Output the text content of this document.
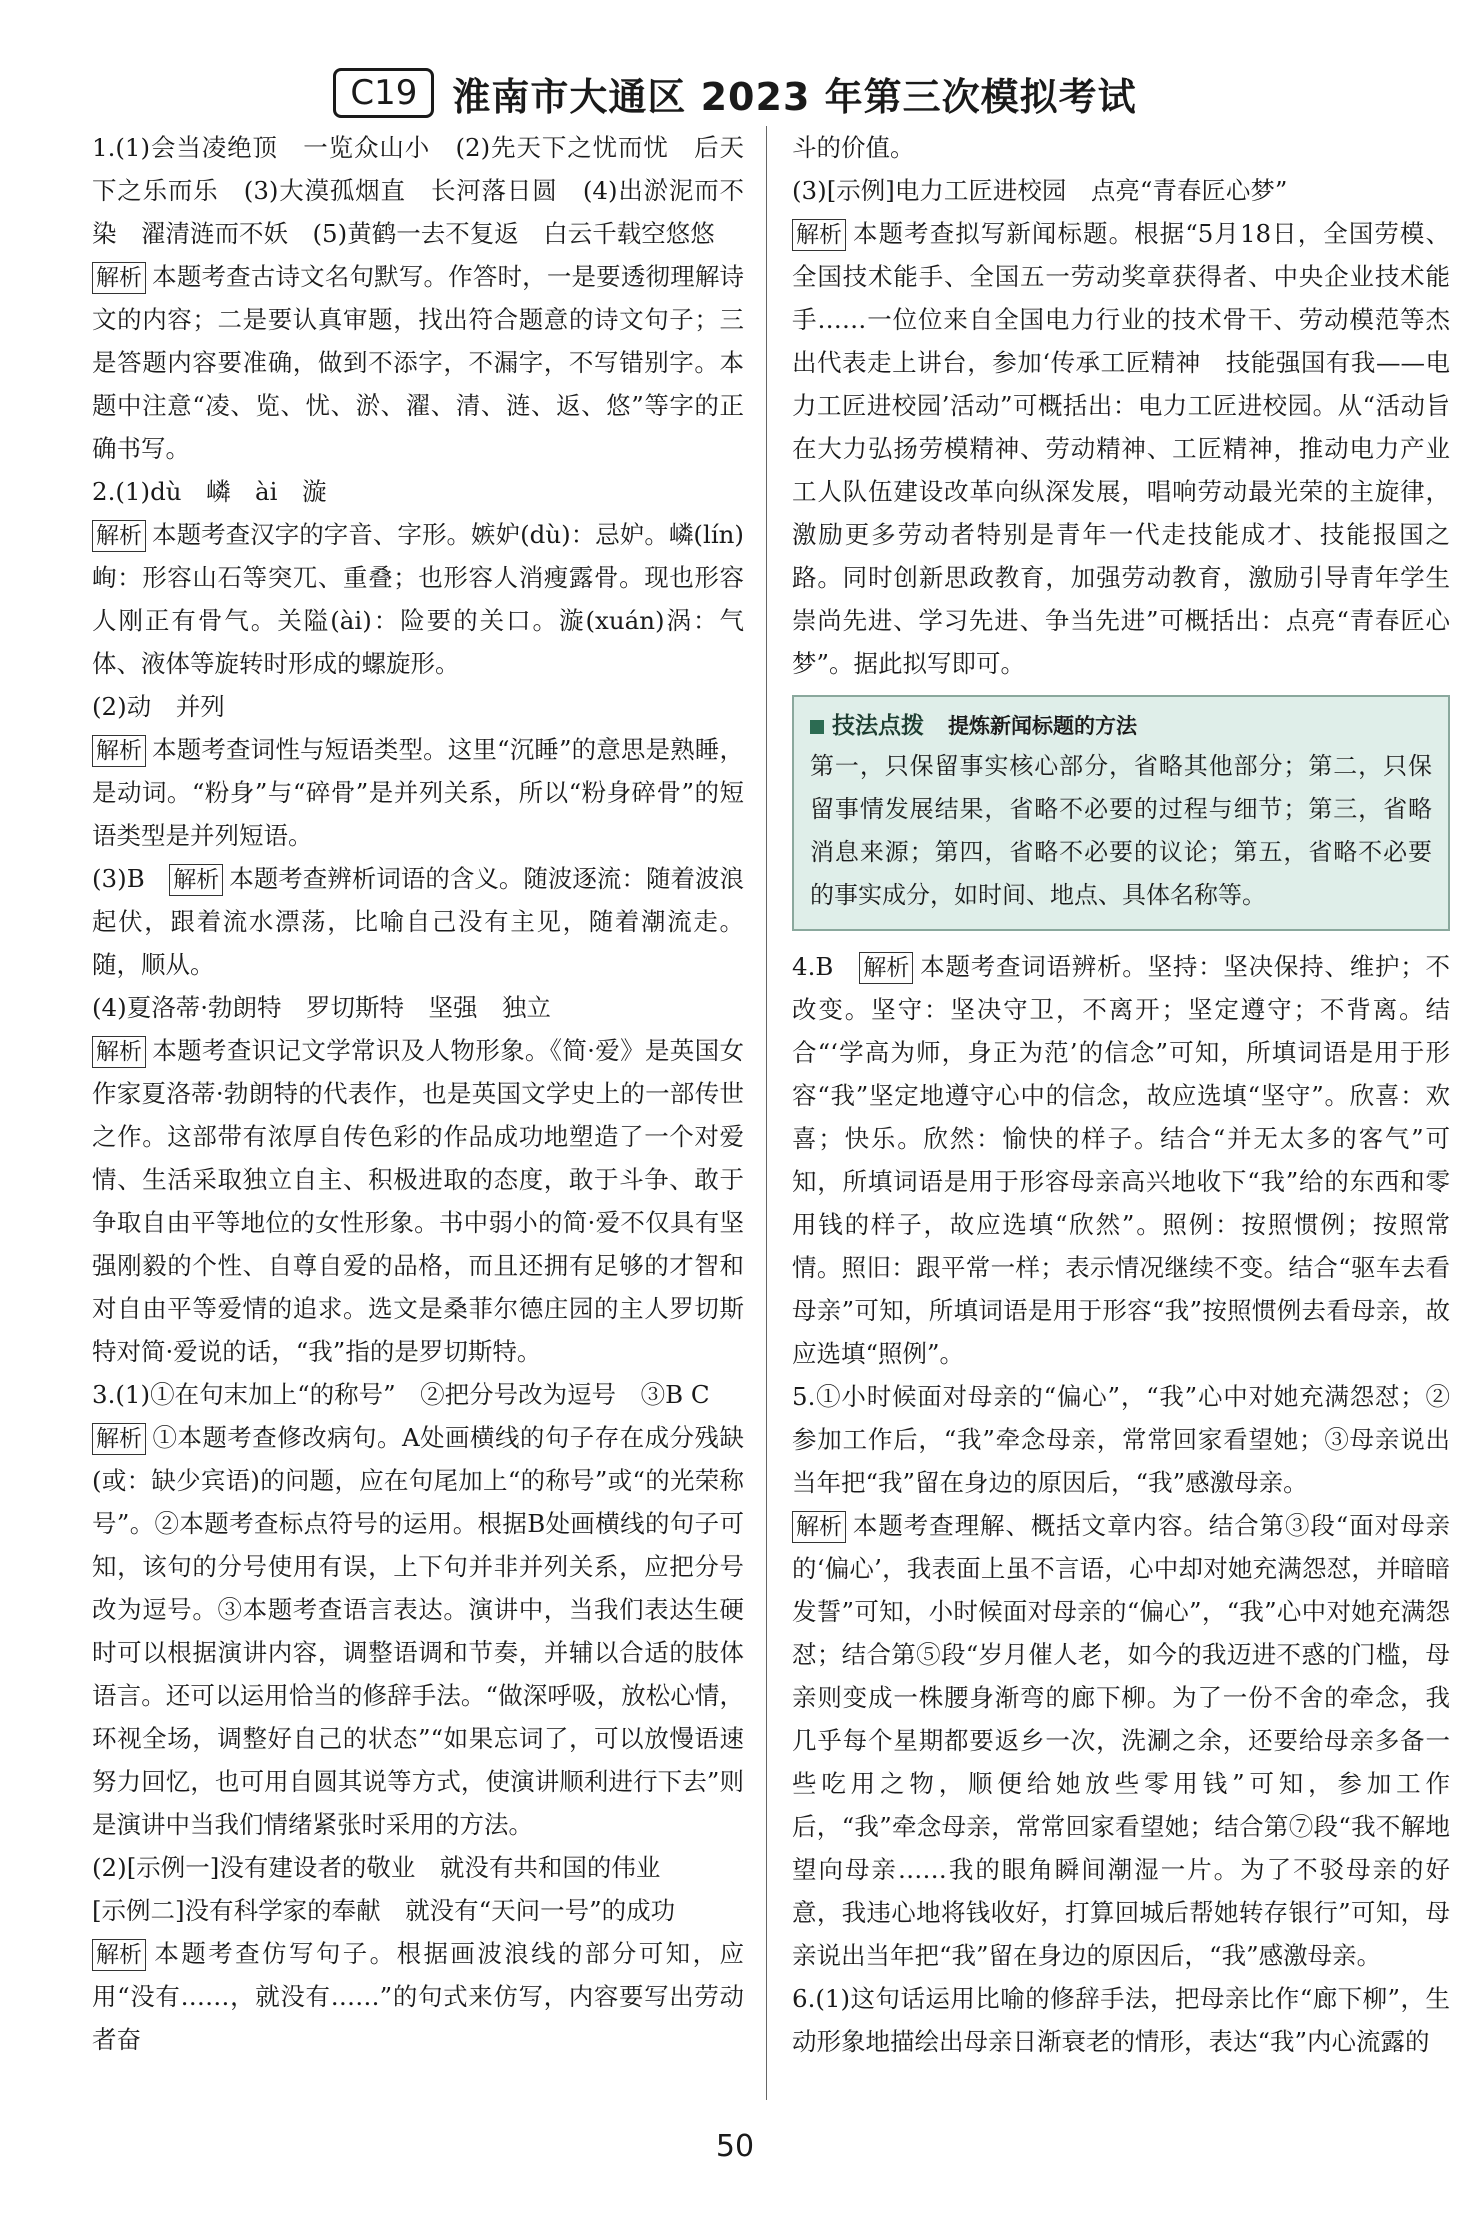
C19 淮南市大通区 2023 年第三次模拟考试

1.(1)会当凌绝顶　一览众山小　(2)先天下之忧而忧　后天下之乐而乐　(3)大漠孤烟直　长河落日圆　(4)出淤泥而不染　濯清涟而不妖　(5)黄鹤一去不复返　白云千载空悠悠

解析 本题考查古诗文名句默写。作答时，一是要透彻理解诗文的内容；二是要认真审题，找出符合题意的诗文句子；三是答题内容要准确，做到不添字，不漏字，不写错别字。本题中注意“凌、览、忧、淤、濯、清、涟、返、悠”等字的正确书写。

2.(1)dù　嶙　ài　漩

解析 本题考查汉字的字音、字形。嫉妒(dù)：忌妒。嶙(lín)峋：形容山石等突兀、重叠；也形容人消瘦露骨。现也形容人刚正有骨气。关隘(ài)：险要的关口。漩(xuán)涡：气体、液体等旋转时形成的螺旋形。

(2)动　并列

解析 本题考查词性与短语类型。这里“沉睡”的意思是熟睡，是动词。“粉身”与“碎骨”是并列关系，所以“粉身碎骨”的短语类型是并列短语。

(3)B　解析 本题考查辨析词语的含义。随波逐流：随着波浪起伏，跟着流水漂荡，比喻自己没有主见，随着潮流走。随，顺从。

(4)夏洛蒂·勃朗特　罗切斯特　坚强　独立

解析 本题考查识记文学常识及人物形象。《简·爱》是英国女作家夏洛蒂·勃朗特的代表作，也是英国文学史上的一部传世之作。这部带有浓厚自传色彩的作品成功地塑造了一个对爱情、生活采取独立自主、积极进取的态度，敢于斗争、敢于争取自由平等地位的女性形象。书中弱小的简·爱不仅具有坚强刚毅的个性、自尊自爱的品格，而且还拥有足够的才智和对自由平等爱情的追求。选文是桑菲尔德庄园的主人罗切斯特对简·爱说的话，“我”指的是罗切斯特。

3.(1)①在句末加上“的称号”　②把分号改为逗号　③B C

解析 ①本题考查修改病句。A处画横线的句子存在成分残缺(或：缺少宾语)的问题，应在句尾加上“的称号”或“的光荣称号”。②本题考查标点符号的运用。根据B处画横线的句子可知，该句的分号使用有误，上下句并非并列关系，应把分号改为逗号。③本题考查语言表达。演讲中，当我们表达生硬时可以根据演讲内容，调整语调和节奏，并辅以合适的肢体语言。还可以运用恰当的修辞手法。“做深呼吸，放松心情，环视全场，调整好自己的状态”“如果忘词了，可以放慢语速努力回忆，也可用自圆其说等方式，使演讲顺利进行下去”则是演讲中当我们情绪紧张时采用的方法。

(2)[示例一]没有建设者的敬业　就没有共和国的伟业

[示例二]没有科学家的奉献　就没有“天问一号”的成功

解析 本题考查仿写句子。根据画波浪线的部分可知，应用“没有……，就没有……”的句式来仿写，内容要写出劳动者奋

斗的价值。

(3)[示例]电力工匠进校园　点亮“青春匠心梦”

解析 本题考查拟写新闻标题。根据“5月18日，全国劳模、全国技术能手、全国五一劳动奖章获得者、中央企业技术能手……一位位来自全国电力行业的技术骨干、劳动模范等杰出代表走上讲台，参加‘传承工匠精神　技能强国有我——电力工匠进校园’活动”可概括出：电力工匠进校园。从“活动旨在大力弘扬劳模精神、劳动精神、工匠精神，推动电力产业工人队伍建设改革向纵深发展，唱响劳动最光荣的主旋律，激励更多劳动者特别是青年一代走技能成才、技能报国之路。同时创新思政教育，加强劳动教育，激励引导青年学生崇尚先进、学习先进、争当先进”可概括出：点亮“青春匠心梦”。据此拟写即可。

技法点拨 提炼新闻标题的方法
第一，只保留事实核心部分，省略其他部分；第二，只保留事情发展结果，省略不必要的过程与细节；第三，省略消息来源；第四，省略不必要的议论；第五，省略不必要的事实成分，如时间、地点、具体名称等。

4.B　解析 本题考查词语辨析。坚持：坚决保持、维护；不改变。坚守：坚决守卫，不离开；坚定遵守；不背离。结合“‘学高为师，身正为范’的信念”可知，所填词语是用于形容“我”坚定地遵守心中的信念，故应选填“坚守”。欣喜：欢喜；快乐。欣然：愉快的样子。结合“并无太多的客气”可知，所填词语是用于形容母亲高兴地收下“我”给的东西和零用钱的样子，故应选填“欣然”。照例：按照惯例；按照常情。照旧：跟平常一样；表示情况继续不变。结合“驱车去看母亲”可知，所填词语是用于形容“我”按照惯例去看母亲，故应选填“照例”。

5.①小时候面对母亲的“偏心”，“我”心中对她充满怨怼；②参加工作后，“我”牵念母亲，常常回家看望她；③母亲说出当年把“我”留在身边的原因后，“我”感激母亲。

解析 本题考查理解、概括文章内容。结合第③段“面对母亲的‘偏心’，我表面上虽不言语，心中却对她充满怨怼，并暗暗发誓”可知，小时候面对母亲的“偏心”，“我”心中对她充满怨怼；结合第⑤段“岁月催人老，如今的我迈进不惑的门槛，母亲则变成一株腰身渐弯的廊下柳。为了一份不舍的牵念，我几乎每个星期都要返乡一次，洗涮之余，还要给母亲多备一些吃用之物，顺便给她放些零用钱”可知，参加工作后，“我”牵念母亲，常常回家看望她；结合第⑦段“我不解地望向母亲……我的眼角瞬间潮湿一片。为了不驳母亲的好意，我违心地将钱收好，打算回城后帮她转存银行”可知，母亲说出当年把“我”留在身边的原因后，“我”感激母亲。

6.(1)这句话运用比喻的修辞手法，把母亲比作“廊下柳”，生动形象地描绘出母亲日渐衰老的情形，表达“我”内心流露的

50
